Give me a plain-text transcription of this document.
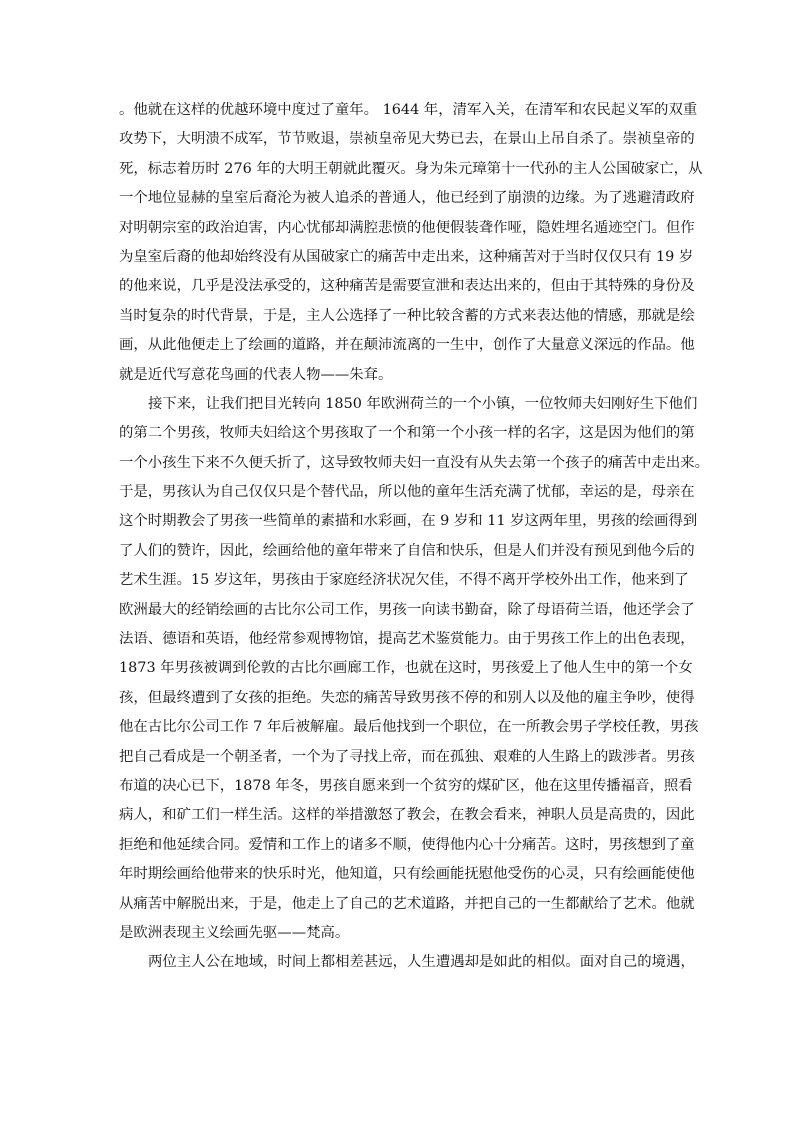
。他就在这样的优越环境中度过了童年。 1644 年，清军入关，在清军和农民起义军的双重
攻势下，大明溃不成军，节节败退，崇祯皇帝见大势已去，在景山上吊自杀了。崇祯皇帝的
死，标志着历时 276 年的大明王朝就此覆灭。身为朱元璋第十一代孙的主人公国破家亡，从
一个地位显赫的皇室后裔沦为被人追杀的普通人，他已经到了崩溃的边缘。为了逃避清政府
对明朝宗室的政治迫害，内心忧郁却满腔悲愤的他便假装聋作哑，隐姓埋名遁迹空门。但作
为皇室后裔的他却始终没有从国破家亡的痛苦中走出来，这种痛苦对于当时仅仅只有 19 岁
的他来说，几乎是没法承受的，这种痛苦是需要宣泄和表达出来的，但由于其特殊的身份及
当时复杂的时代背景，于是，主人公选择了一种比较含蓄的方式来表达他的情感，那就是绘
画，从此他便走上了绘画的道路，并在颠沛流离的一生中，创作了大量意义深远的作品。他
就是近代写意花鸟画的代表人物——朱耷。
接下来，让我们把目光转向 1850 年欧洲荷兰的一个小镇，一位牧师夫妇刚好生下他们
的第二个男孩，牧师夫妇给这个男孩取了一个和第一个小孩一样的名字，这是因为他们的第
一个小孩生下来不久便夭折了，这导致牧师夫妇一直没有从失去第一个孩子的痛苦中走出来。
于是，男孩认为自己仅仅只是个替代品，所以他的童年生活充满了忧郁，幸运的是，母亲在
这个时期教会了男孩一些简单的素描和水彩画，在 9 岁和 11 岁这两年里，男孩的绘画得到
了人们的赞许，因此，绘画给他的童年带来了自信和快乐，但是人们并没有预见到他今后的
艺术生涯。15 岁这年，男孩由于家庭经济状况欠佳，不得不离开学校外出工作，他来到了
欧洲最大的经销绘画的古比尔公司工作，男孩一向读书勤奋，除了母语荷兰语，他还学会了
法语、德语和英语，他经常参观博物馆，提高艺术鉴赏能力。由于男孩工作上的出色表现，
1873 年男孩被调到伦敦的古比尔画廊工作，也就在这时，男孩爱上了他人生中的第一个女
孩，但最终遭到了女孩的拒绝。失恋的痛苦导致男孩不停的和别人以及他的雇主争吵，使得
他在古比尔公司工作 7 年后被解雇。最后他找到一个职位，在一所教会男子学校任教，男孩
把自己看成是一个朝圣者，一个为了寻找上帝，而在孤独、艰难的人生路上的跋涉者。男孩
布道的决心已下，1878 年冬，男孩自愿来到一个贫穷的煤矿区，他在这里传播福音，照看
病人，和矿工们一样生活。这样的举措激怒了教会，在教会看来，神职人员是高贵的，因此
拒绝和他延续合同。爱情和工作上的诸多不顺，使得他内心十分痛苦。这时，男孩想到了童
年时期绘画给他带来的快乐时光，他知道，只有绘画能抚慰他受伤的心灵，只有绘画能使他
从痛苦中解脱出来，于是，他走上了自己的艺术道路，并把自己的一生都献给了艺术。他就
是欧洲表现主义绘画先驱——梵高。
两位主人公在地域，时间上都相差甚远，人生遭遇却是如此的相似。面对自己的境遇，
